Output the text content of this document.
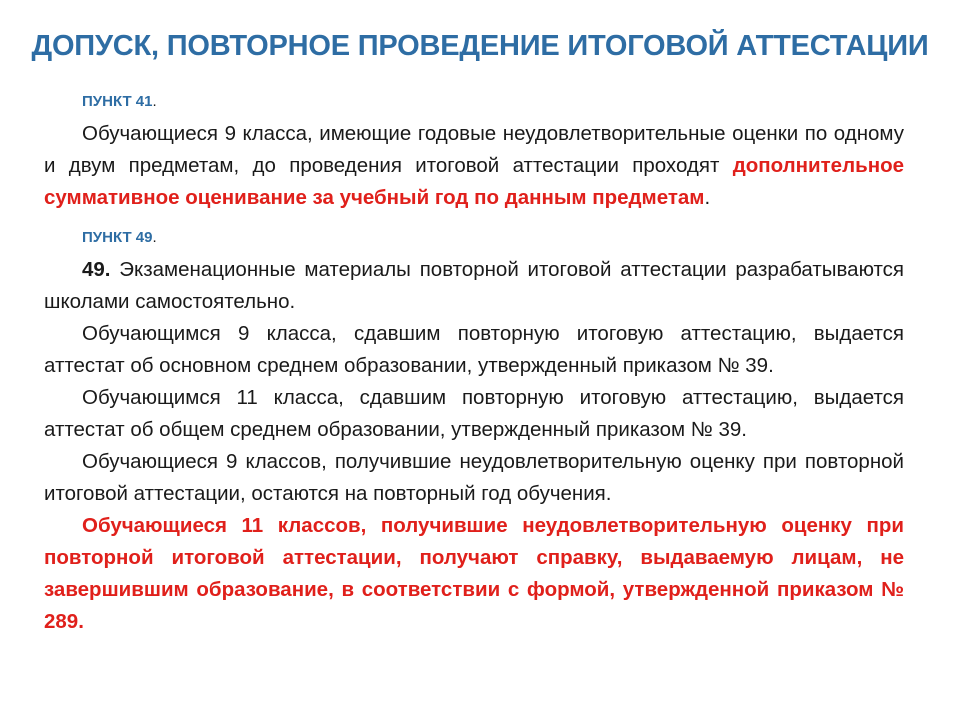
ДОПУСК, ПОВТОРНОЕ ПРОВЕДЕНИЕ ИТОГОВОЙ АТТЕСТАЦИИ
ПУНКТ 41.

Обучающиеся 9 класса, имеющие годовые неудовлетворительные оценки по одному и двум предметам, до проведения итоговой аттестации проходят дополнительное суммативное оценивание за учебный год по данным предметам.

ПУНКТ 49.

49. Экзаменационные материалы повторной итоговой аттестации разрабатываются школами самостоятельно.

Обучающимся 9 класса, сдавшим повторную итоговую аттестацию, выдается аттестат об основном среднем образовании, утвержденный приказом № 39.

Обучающимся 11 класса, сдавшим повторную итоговую аттестацию, выдается аттестат об общем среднем образовании, утвержденный приказом № 39.

Обучающиеся 9 классов, получившие неудовлетворительную оценку при повторной итоговой аттестации, остаются на повторный год обучения.

Обучающиеся 11 классов, получившие неудовлетворительную оценку при повторной итоговой аттестации, получают справку, выдаваемую лицам, не завершившим образование, в соответствии с формой, утвержденной приказом № 289.
